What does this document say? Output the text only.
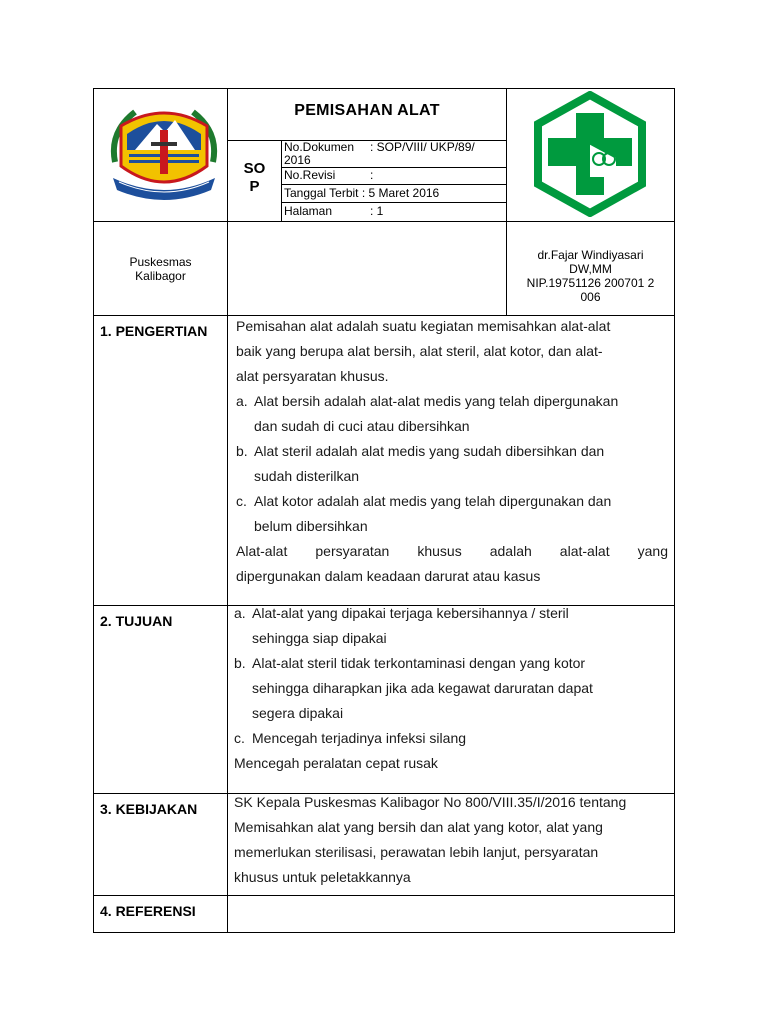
PEMISAHAN ALAT
SO
P
No.Dokumen : SOP/VIII/ UKP/89/
2016
No.Revisi	:
Tanggal Terbit : 5 Maret 2016
Halaman	: 1
Puskesmas
Kalibagor
dr.Fajar Windiyasari
DW,MM
NIP.19751126 200701 2
006
1. PENGERTIAN Pemisahan alat adalah suatu kegiatan memisahkan alat-alat
baik yang berupa alat bersih, alat steril, alat kotor, dan alat-
alat persyaratan khusus.
a. Alat bersih adalah alat-alat medis yang telah dipergunakan
dan sudah di cuci atau dibersihkan
b. Alat steril adalah alat medis yang sudah dibersihkan dan
sudah disterilkan
c. Alat kotor adalah alat medis yang telah dipergunakan dan
belum dibersihkan
Alat-alat persyaratan khusus adalah alat-alat yang
dipergunakan dalam keadaan darurat atau kasus
2. TUJUAN	a. Alat-alat yang dipakai terjaga kebersihannya / steril
sehingga siap dipakai
b. Alat-alat steril tidak terkontaminasi dengan yang kotor
sehingga diharapkan jika ada kegawat daruratan dapat
segera dipakai
c. Mencegah terjadinya infeksi silang
Mencegah peralatan cepat rusak
3. KEBIJAKAN	SK Kepala Puskesmas Kalibagor No 800/VIII.35/I/2016 tentang
Memisahkan alat yang bersih dan alat yang kotor, alat yang
memerlukan sterilisasi, perawatan lebih lanjut, persyaratan
khusus untuk peletakkannya
4. REFERENSI
